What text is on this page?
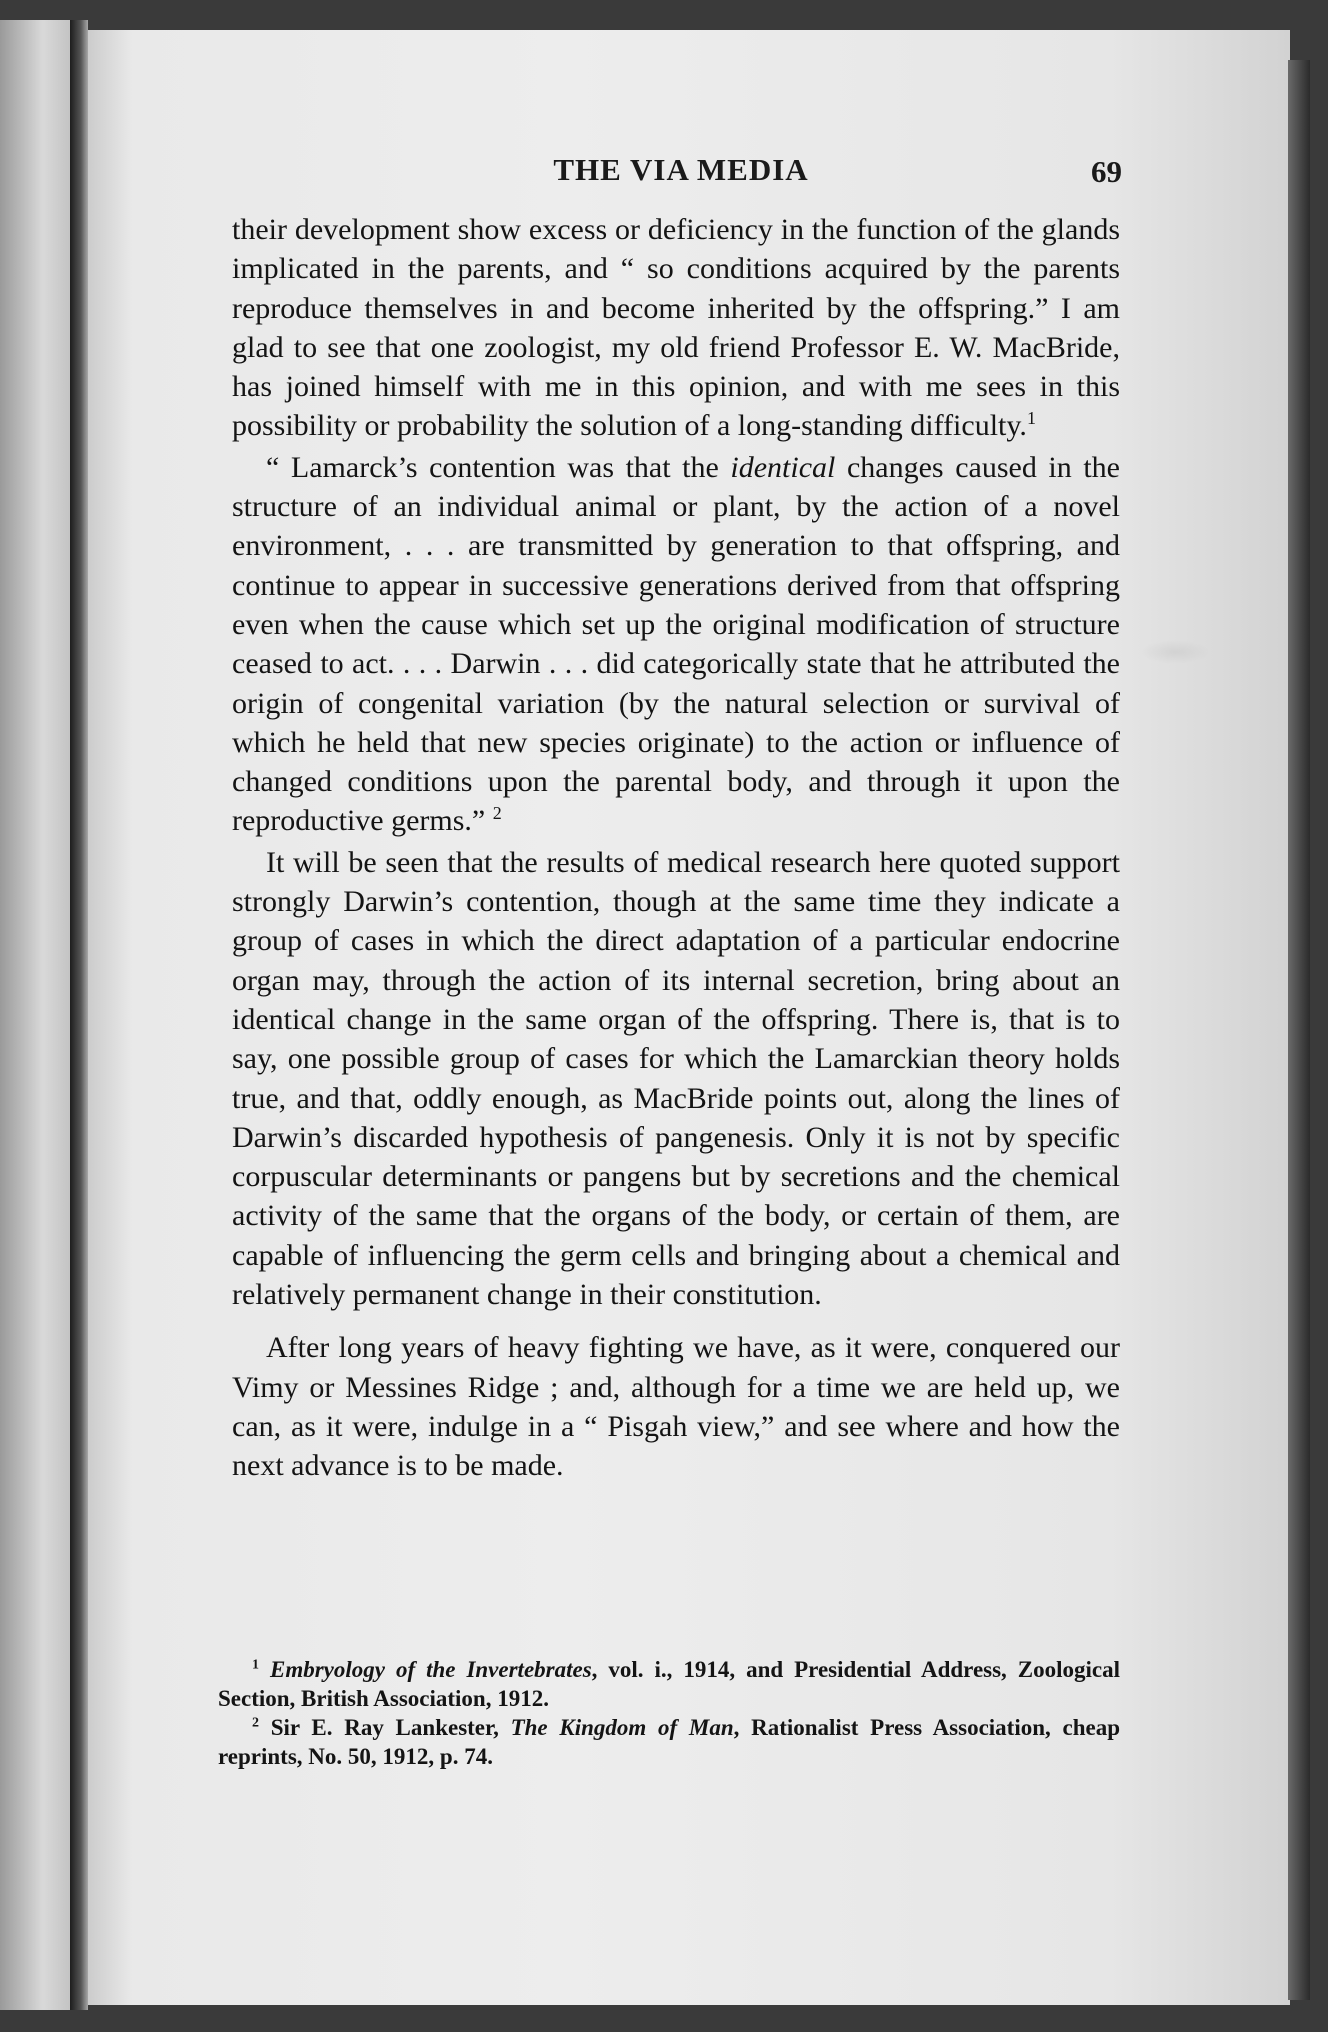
THE VIA MEDIA	69

their development show excess or deficiency in the function of the glands implicated in the parents, and “ so conditions acquired by the parents reproduce themselves in and become inherited by the offspring.” I am glad to see that one zoologist, my old friend Professor E. W. MacBride, has joined himself with me in this opinion, and with me sees in this possibility or probability the solution of a long-standing difficulty.$^1$

“ Lamarck’s contention was that the identical changes caused in the structure of an individual animal or plant, by the action of a novel environment, . . . are transmitted by generation to that offspring, and continue to appear in successive generations derived from that offspring even when the cause which set up the original modification of structure ceased to act. . . . Darwin . . . did categorically state that he attributed the origin of congenital variation (by the natural selection or survival of which he held that new species originate) to the action or influence of changed conditions upon the parental body, and through it upon the reproductive germs.” $^2$

It will be seen that the results of medical research here quoted support strongly Darwin’s contention, though at the same time they indicate a group of cases in which the direct adaptation of a particular endocrine organ may, through the action of its internal secretion, bring about an identical change in the same organ of the offspring. There is, that is to say, one possible group of cases for which the Lamarckian theory holds true, and that, oddly enough, as MacBride points out, along the lines of Darwin’s discarded hypothesis of pangenesis. Only it is not by specific corpuscular determinants or pangens but by secretions and the chemical activity of the same that the organs of the body, or certain of them, are capable of influencing the germ cells and bringing about a chemical and relatively permanent change in their constitution.

After long years of heavy fighting we have, as it were, conquered our Vimy or Messines Ridge ; and, although for a time we are held up, we can, as it were, indulge in a “ Pisgah view,” and see where and how the next advance is to be made.

$^1$ Embryology of the Invertebrates, vol. i., 1914, and Presidential Address, Zoological Section, British Association, 1912.

$^2$ Sir E. Ray Lankester, The Kingdom of Man, Rationalist Press Association, cheap reprints, No. 50, 1912, p. 74.
